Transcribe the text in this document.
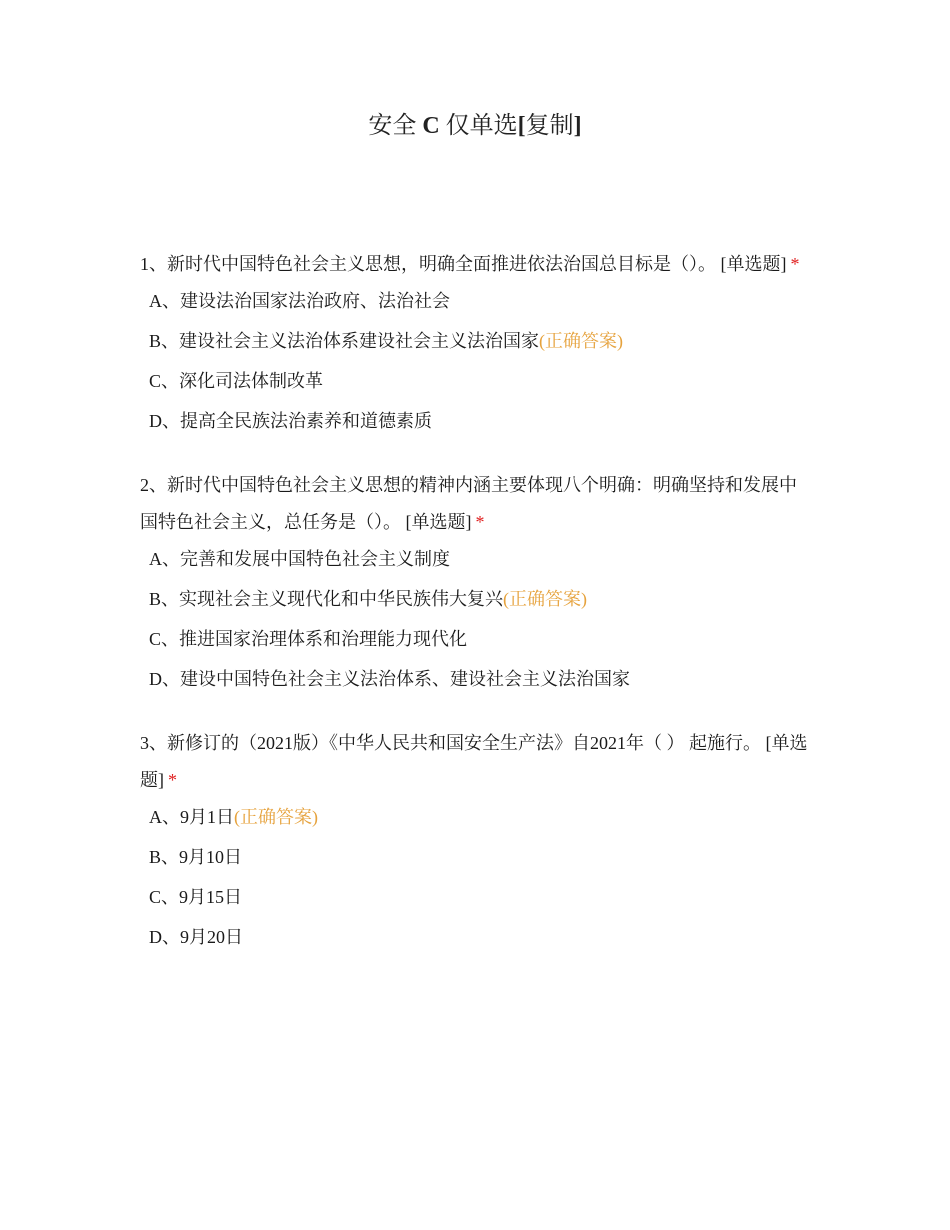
安全 C 仅单选[复制]
1、新时代中国特色社会主义思想，明确全面推进依法治国总目标是（）。 [单选题] *
A、建设法治国家法治政府、法治社会
B、建设社会主义法治体系建设社会主义法治国家(正确答案)
C、深化司法体制改革
D、提高全民族法治素养和道德素质
2、新时代中国特色社会主义思想的精神内涵主要体现八个明确：明确坚持和发展中国特色社会主义，总任务是（）。 [单选题] *
A、完善和发展中国特色社会主义制度
B、实现社会主义现代化和中华民族伟大复兴(正确答案)
C、推进国家治理体系和治理能力现代化
D、建设中国特色社会主义法治体系、建设社会主义法治国家
3、新修订的（2021版）《中华人民共和国安全生产法》自2021年（ ） 起施行。 [单选题] *
A、9月1日(正确答案)
B、9月10日
C、9月15日
D、9月20日
